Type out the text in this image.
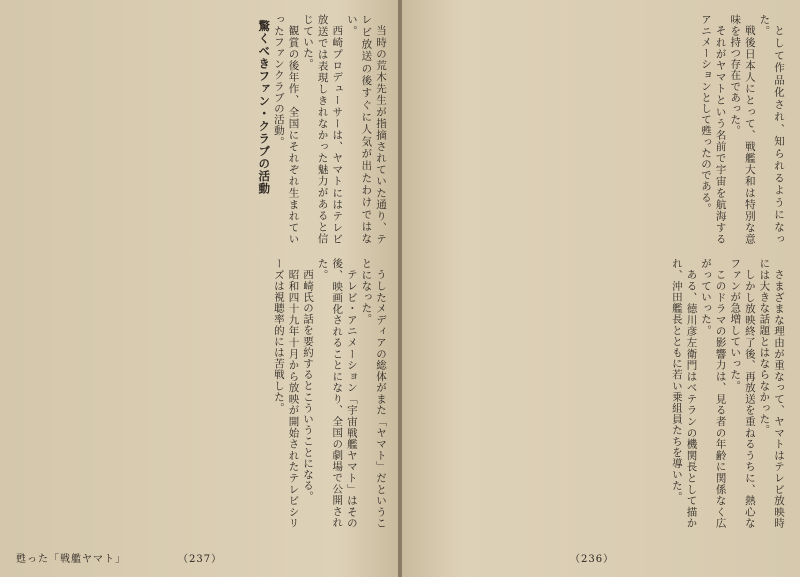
当時の荒木先生が指摘されていた通り、テレビ放送の後すぐに人気が出たわけではない。
西崎プロデューサーは、ヤマトにはテレビ放送では表現しきれなかった魅力があると信じていた。
観賞の後年作、全国にそれぞれ生まれていったファンクラブの活動。
驚くべきファン・クラブの活動
うしたメディアの総体がまた「ヤマト」だということになった。
テレビ・アニメーション「宇宙戦艦ヤマト」はその後、映画化されることになり、全国の劇場で公開された。
西崎氏の話を要約するとこういうことになる。
昭和四十九年十月から放映が開始されたテレビシリーズは視聴率的には苦戦した。
甦った「戦艦ヤマト」	（237）
として作品化され、知られるようになった。
戦後日本人にとって、戦艦大和は特別な意味を持つ存在であった。
それがヤマトという名前で宇宙を航海するアニメーションとして甦ったのである。
さまざまな理由が重なって、ヤマトはテレビ放映時には大きな話題とはならなかった。
しかし放映終了後、再放送を重ねるうちに、熱心なファンが急増していった。
このドラマの影響力は、見る者の年齢に関係なく広がっていった。
ある、徳川彦左衛門はベテランの機関長として描かれ、沖田艦長とともに若い乗組員たちを導いた。
（236）
